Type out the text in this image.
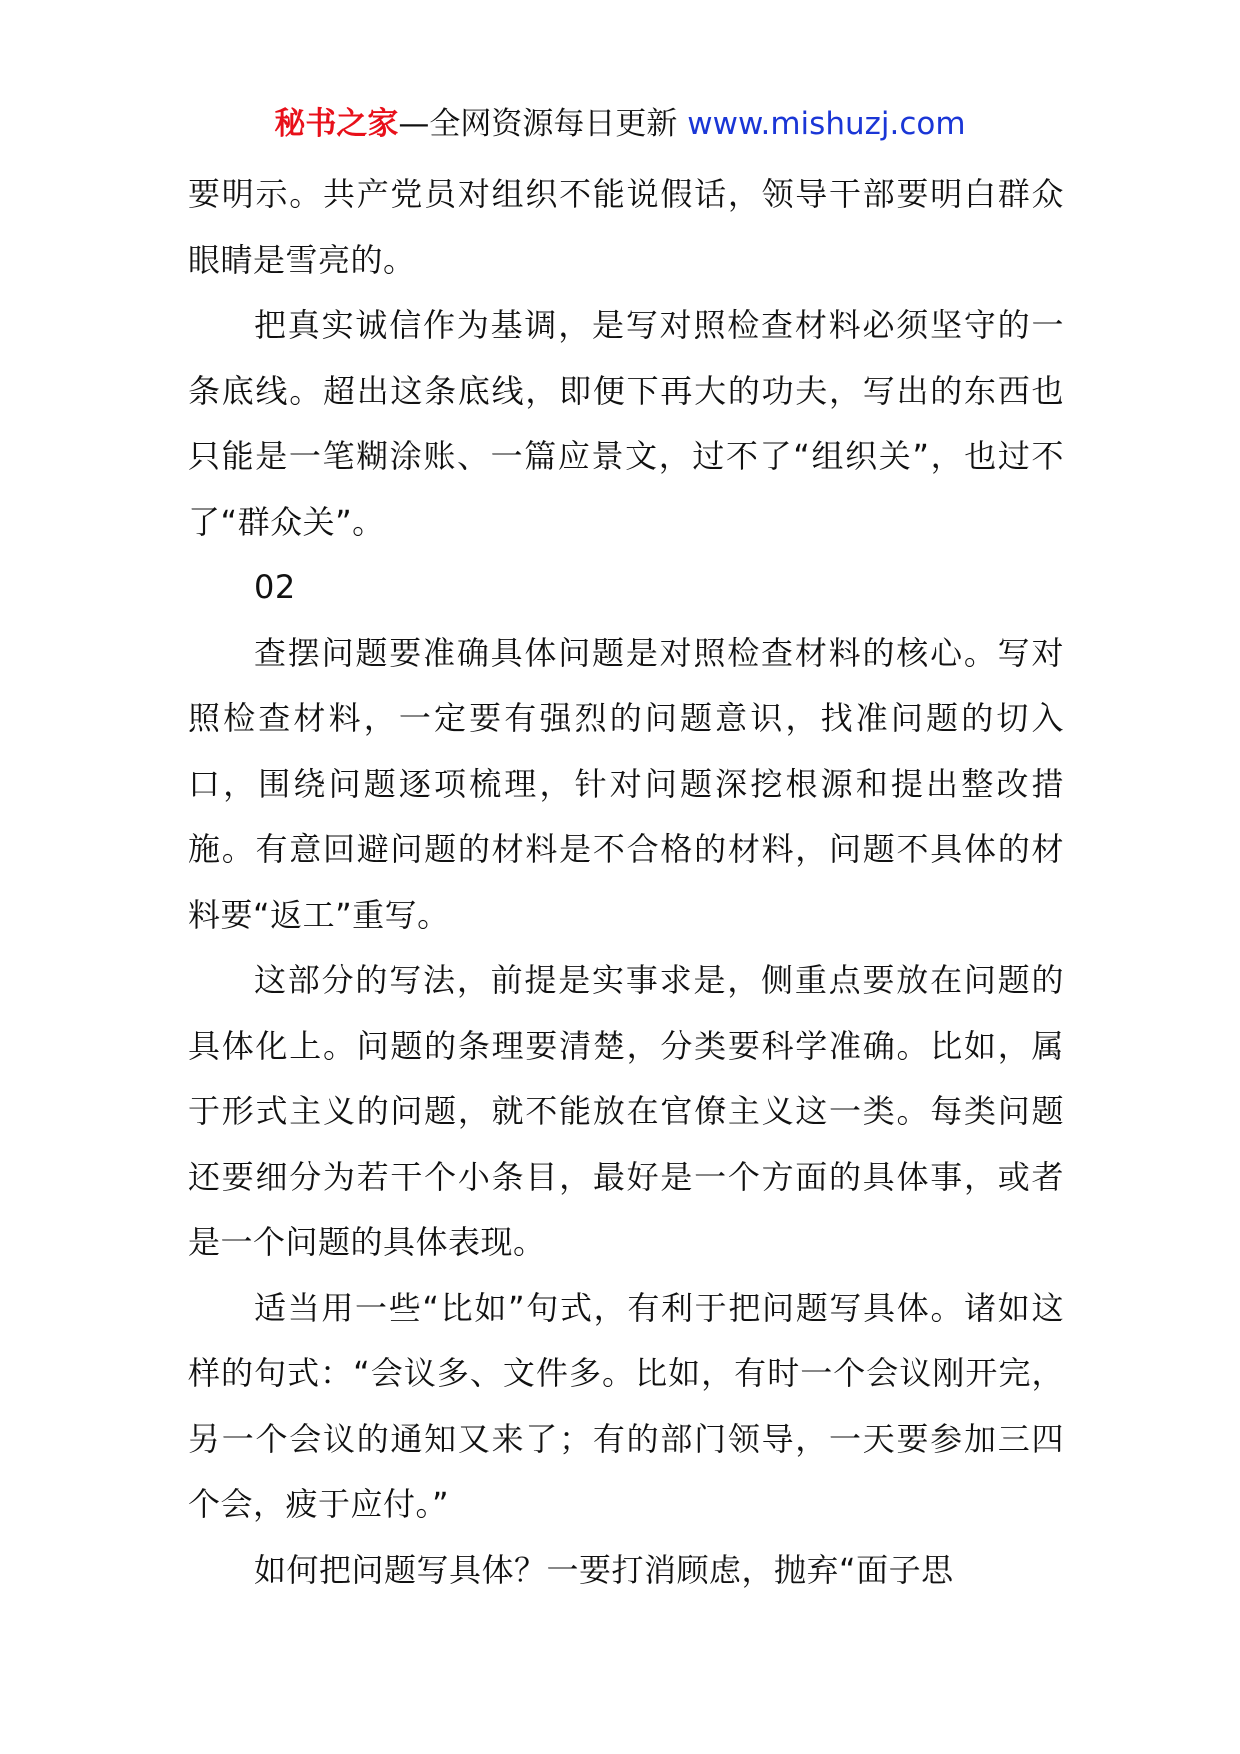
秘书之家—全网资源每日更新 www.mishuzj.com

要明示。共产党员对组织不能说假话，领导干部要明白群众眼睛是雪亮的。

把真实诚信作为基调，是写对照检查材料必须坚守的一条底线。超出这条底线，即便下再大的功夫，写出的东西也只能是一笔糊涂账、一篇应景文，过不了“组织关”，也过不了“群众关”。

02

查摆问题要准确具体问题是对照检查材料的核心。写对照检查材料，一定要有强烈的问题意识，找准问题的切入口，围绕问题逐项梳理，针对问题深挖根源和提出整改措施。有意回避问题的材料是不合格的材料，问题不具体的材料要“返工”重写。

这部分的写法，前提是实事求是，侧重点要放在问题的具体化上。问题的条理要清楚，分类要科学准确。比如，属于形式主义的问题，就不能放在官僚主义这一类。每类问题还要细分为若干个小条目，最好是一个方面的具体事，或者是一个问题的具体表现。

适当用一些“比如”句式，有利于把问题写具体。诸如这样的句式：“会议多、文件多。比如，有时一个会议刚开完，另一个会议的通知又来了；有的部门领导，一天要参加三四个会，疲于应付。”

如何把问题写具体？一要打消顾虑，抛弃“面子思
